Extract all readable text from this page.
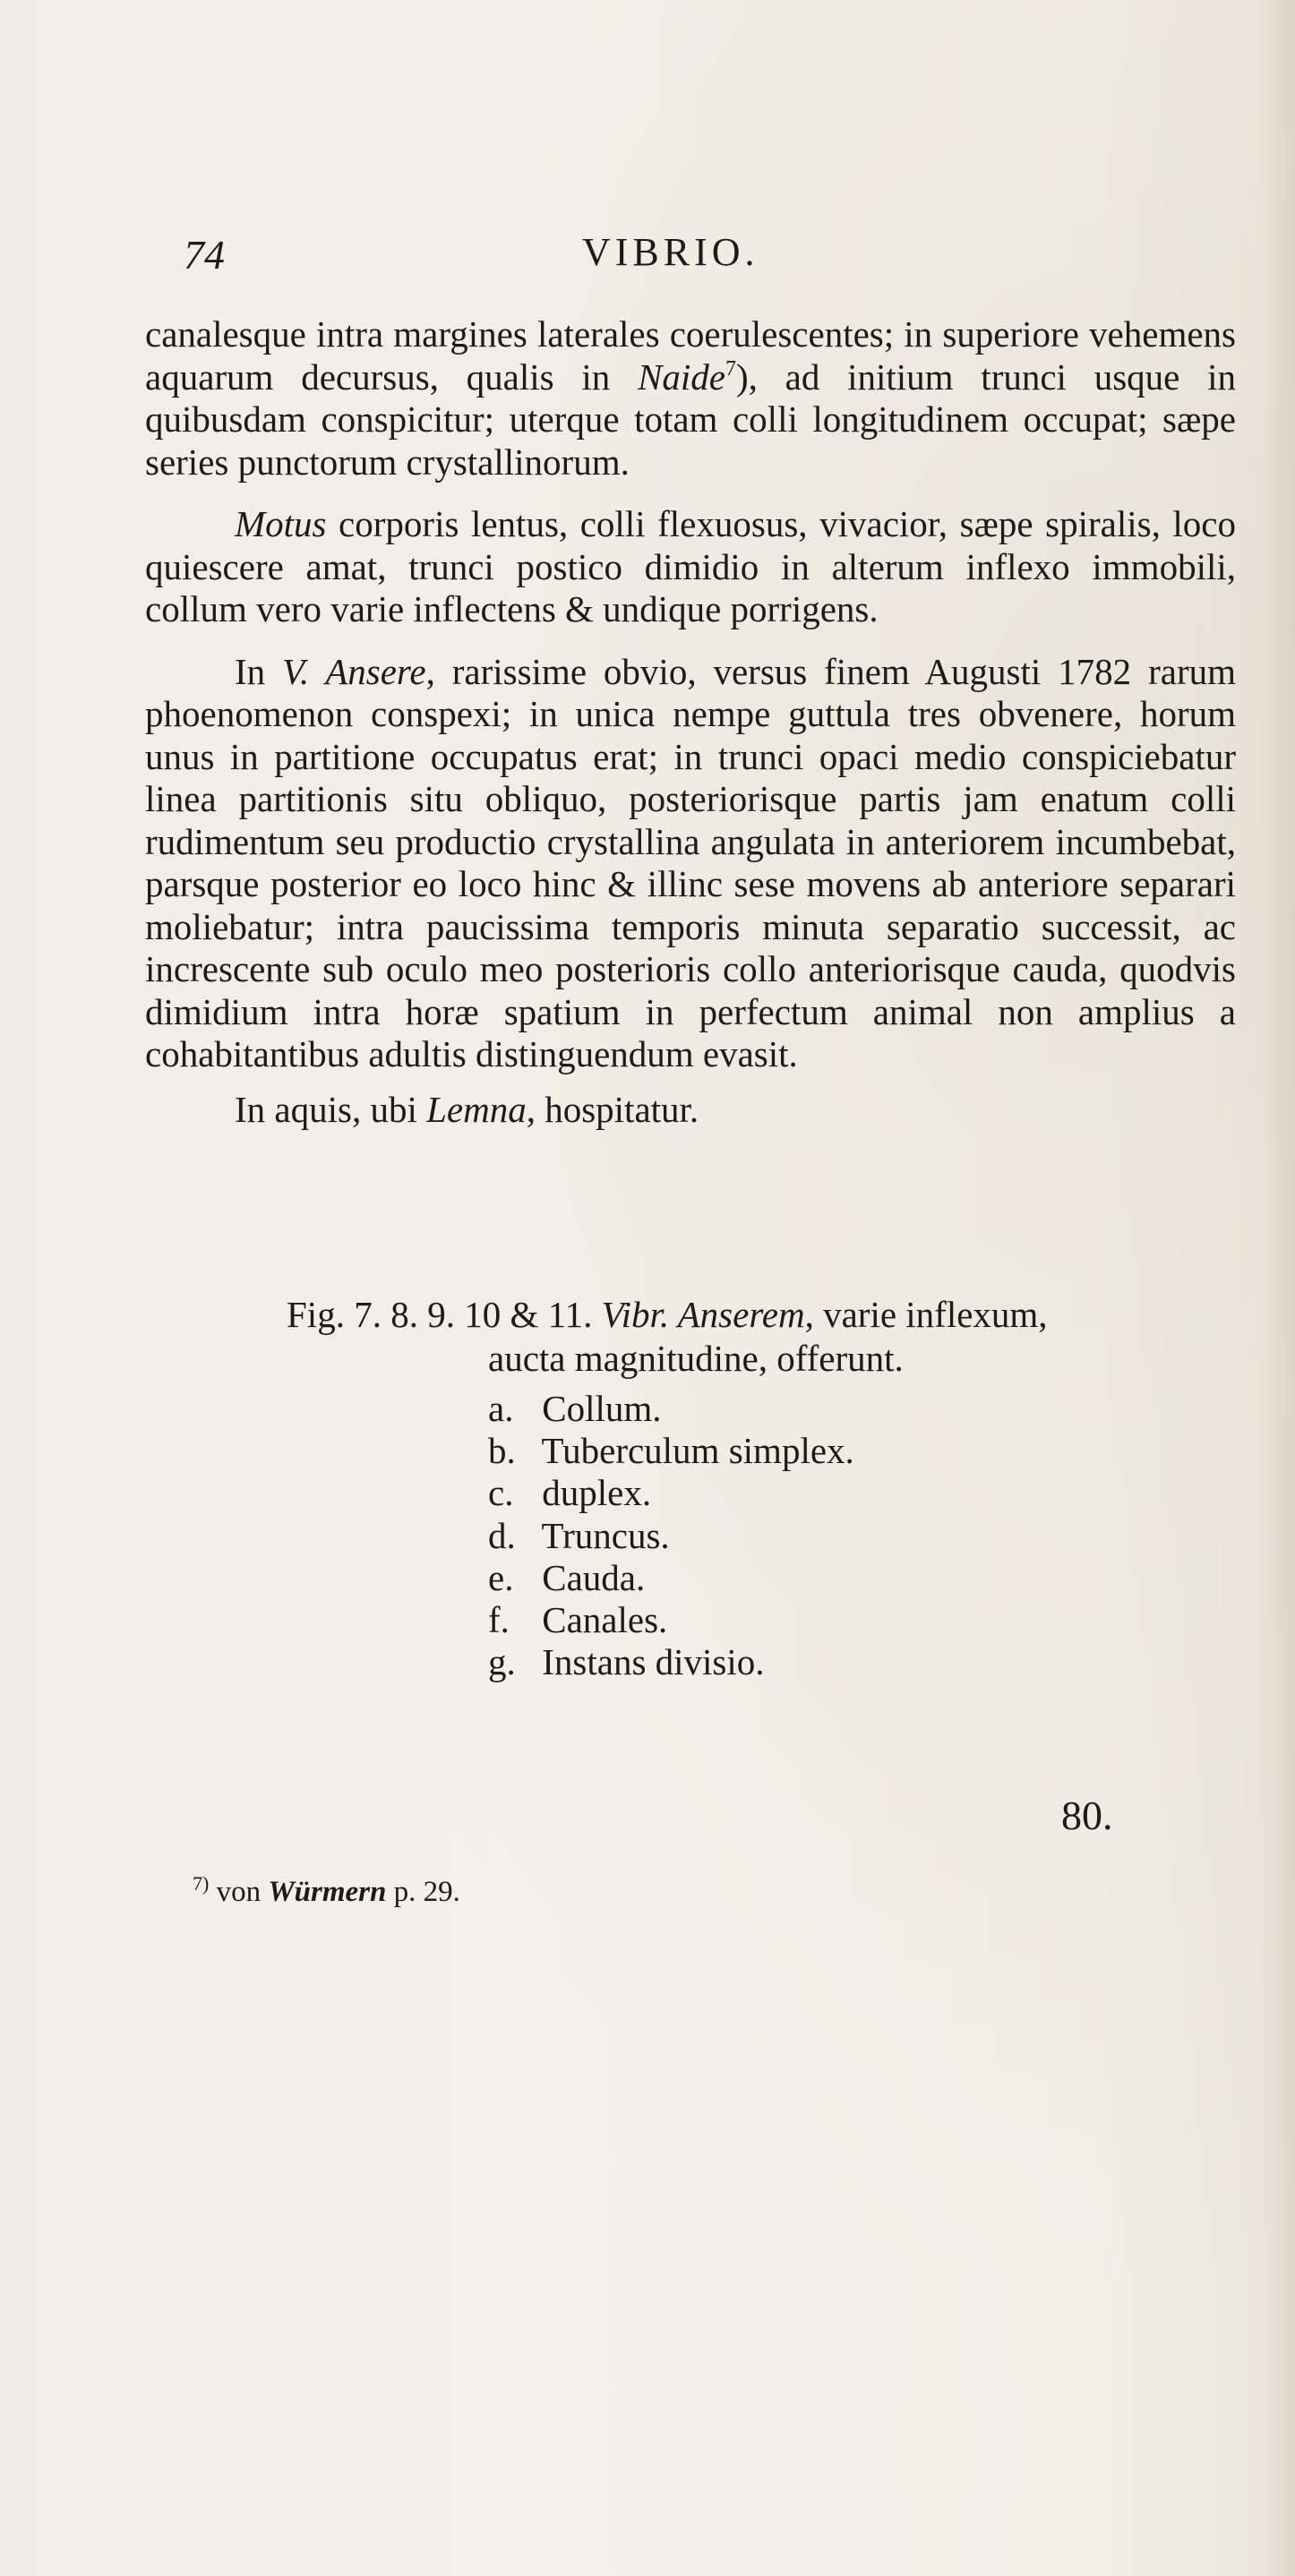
74	VIBRIO.

canalesque intra margines laterales coerulescentes; in superiore vehemens aquarum decursus, qualis in Naide$^7$), ad initium trunci usque in quibusdam conspicitur; uterque totam colli longitudinem occupat; sæpe series punctorum crystallinorum.

Motus corporis lentus, colli flexuosus, vivacior, sæpe spiralis, loco quiescere amat, trunci postico dimidio in alterum inflexo immobili, collum vero varie inflectens & undique porrigens.

In V. Ansere, rarissime obvio, versus finem Augusti 1782 rarum phoenomenon conspexi; in unica nempe guttula tres obvenere, horum unus in partitione occupatus erat; in trunci opaci medio conspiciebatur linea partitionis situ obliquo, posteriorisque partis jam enatum colli rudimentum seu productio crystallina angulata in anteriorem incumbebat, parsque posterior eo loco hinc & illinc sese movens ab anteriore separari moliebatur; intra paucissima temporis minuta separatio successit, ac increscente sub oculo meo posterioris collo anteriorisque cauda, quodvis dimidium intra horæ spatium in perfectum animal non amplius a cohabitantibus adultis distinguendum evasit.

In aquis, ubi Lemna, hospitatur.

Fig. 7. 8. 9. 10 & 11. Vibr. Anserem, varie inflexum,
aucta magnitudine, offerunt.
a. Collum.
b. Tuberculum simplex.
c. duplex.
d. Truncus.
e. Cauda.
f. Canales.
g. Instans divisio.
80.
$^{7)}$ von Würmern p. 29.
